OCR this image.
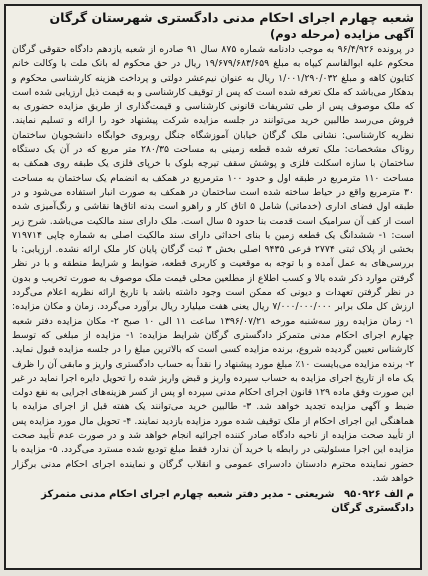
شعبه چهارم اجرای احکام مدنی دادگستری شهرستان گرگان
آگهی مزایده (مرحله دوم)

در پرونده ۹۶/۴/۹۲۶ به موجب دادنامه شماره ۸۷۵ سال ۹۱ صادره از شعبه یازدهم دادگاه حقوقی گرگان محکوم علیه ابوالقاسم کیپاه به مبلغ ۱۹/۶۷۹/۶۸۳/۶۵۹ ریال در حق محکوم له بانک ملت با وکالت خانم کتایون کاهه و مبلغ ۱/۰۰۱/۲۹۰/۰۳۲ ریال به عنوان نیم‌عشر دولتی و پرداخت هزینه کارشناسی محکوم و بدهکار می‌باشد که ملک تعرفه شده است که پس از توقیف کارشناسی و به قیمت ذیل ارزیابی شده است که ملک موصوف پس از طی تشریفات قانونی کارشناسی و قیمت‌گذاری از طریق مزایده حضوری به فروش می‌رسد طالبین خرید می‌توانند در جلسه مزایده شرکت پیشنهاد خود را ارائه و تسلیم نمایند. نظریه کارشناسی: نشانی ملک گرگان خیابان آموزشگاه جنگل روبروی خوابگاه دانشجویان ساختمان روناک مشخصات: ملک تعرفه شده قطعه زمینی به مساحت ۲۸۰/۳۵ متر مربع که در آن یک دستگاه ساختمان با سازه اسکلت فلزی و پوشش سقف تیرچه بلوک با خرپای فلزی یک طبقه روی همکف به مساحت ۱۱۰ مترمربع در طبقه اول و حدود ۱۰۰ مترمربع در همکف به انضمام یک ساختمان به مساحت ۳۰ مترمربع واقع در حیاط ساخته شده است ساختمان در همکف به صورت انبار استفاده می‌شود و در طبقه اول فضای اداری (خدماتی) شامل ۵ اتاق کار و راهرو است بدنه اتاق‌ها نقاشی و رنگ‌آمیزی شده است از کف آن سرامیک است قدمت بنا حدود ۵ سال است. ملک دارای سند مالکیت می‌باشد. شرح زیر است: ۱- ششدانگ یک قطعه زمین با بنای احداثی دارای سند مالکیت اصلی به شماره چاپی ۷۱۹۷۱۴ بخشی از پلاک ثبتی ۲۷۷۴ فرعی ۹۴۳۵ اصلی بخش ۳ ثبت گرگان پایان کار ملک ارائه نشده. ارزیابی: با بررسی‌های به عمل آمده و با توجه به موقعیت و کاربری قطعه، ضوابط و شرایط منطقه و با در نظر گرفتن موارد ذکر شده بالا و کسب اطلاع از مطلعین محلی قیمت ملک موصوف به صورت تخریب و بدون در نظر گرفتن تعهدات و دیونی که ممکن است وجود داشته باشد با تاریخ ارائه نظریه اعلام می‌گردد ارزش کل ملک برابر ۷/۰۰۰/۰۰۰/۰۰۰ ریال یعنی هفت میلیارد ریال برآورد می‌گردد. زمان و مکان مزایده: ۱- زمان مزایده روز سه‌شنبه مورخه ۱۳۹۶/۰۷/۲۱ ساعت ۱۱ الی ۱۰ صبح ۲- مکان مزایده دفتر شعبه چهارم اجرای احکام مدنی متمرکز دادگستری گرگان شرایط مزایده: ۱- مزایده از مبلغی که توسط کارشناس تعیین گردیده شروع، برنده مزایده کسی است که بالاترین مبلغ را در جلسه مزایده قبول نماید. ۲- برنده مزایده می‌بایست ۱۰٪ مبلغ مورد پیشنهاد را نقداً به حساب دادگستری واریز و مابقی آن را ظرف یک ماه از تاریخ اجرای مزایده به حساب سپرده واریز و قبض واریز شده را تحویل دایره اجرا نماید در غیر این صورت وفق ماده ۱۲۹ قانون اجرای احکام مدنی سپرده او پس از کسر هزینه‌های اجرایی به نفع دولت ضبط و آگهی مزایده تجدید خواهد شد. ۳- طالبین خرید می‌توانند یک هفته قبل از اجرای مزایده با هماهنگی این اجرای احکام از ملک توقیف شده مورد مزایده بازدید نمایند. ۴- تحویل مال مورد مزایده پس از تأیید صحت مزایده از ناحیه دادگاه صادر کننده اجرائیه انجام خواهد شد و در صورت عدم تأیید صحت مزایده این اجرا مسئولیتی در رابطه با خرید آن ندارد فقط مبلغ تودیع شده مسترد می‌گردد. ۵- مزایده با حضور نماینده محترم دادستان دادسرای عمومی و انقلاب گرگان و نماینده اجرای احکام مدنی برگزار خواهد شد.

م الف ۹۵۰۹۲۶ شریعتی - مدیر دفتر شعبه چهارم اجرای احکام مدنی متمرکز دادگستری گرگان
